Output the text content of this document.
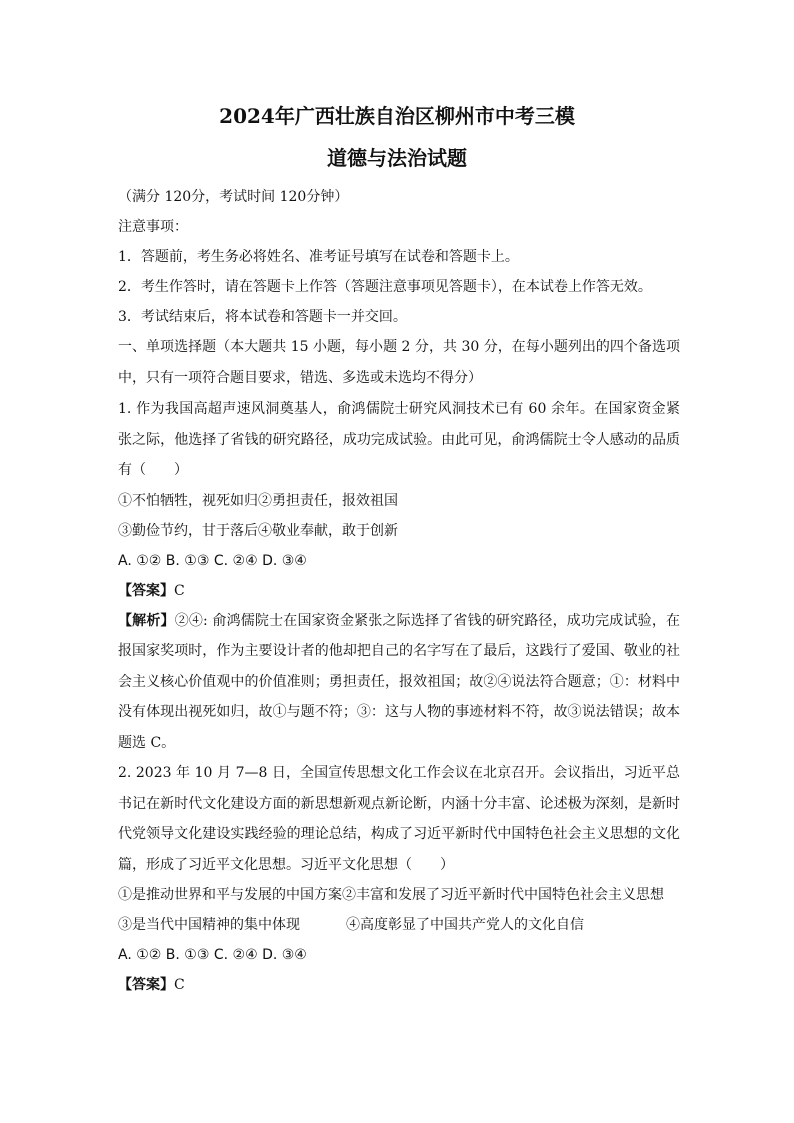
2024年广西壮族自治区柳州市中考三模
道德与法治试题

（满分 120分，考试时间 120分钟）

注意事项：

1．答题前，考生务必将姓名、准考证号填写在试卷和答题卡上。

2．考生作答时，请在答题卡上作答（答题注意事项见答题卡），在本试卷上作答无效。

3．考试结束后，将本试卷和答题卡一并交回。

一、单项选择题（本大题共 15 小题，每小题 2 分，共 30 分，在每小题列出的四个备选项中，只有一项符合题目要求，错选、多选或未选均不得分）

1. 作为我国高超声速风洞奠基人，俞鸿儒院士研究风洞技术已有 60 余年。在国家资金紧张之际，他选择了省钱的研究路径，成功完成试验。由此可见，俞鸿儒院士令人感动的品质有（　　）

①不怕牺牲，视死如归②勇担责任，报效祖国

③勤俭节约，甘于落后④敬业奉献，敢于创新

A. ①② B. ①③ C. ②④ D. ③④

【答案】C

【解析】②④: 俞鸿儒院士在国家资金紧张之际选择了省钱的研究路径，成功完成试验，在报国家奖项时，作为主要设计者的他却把自己的名字写在了最后，这践行了爱国、敬业的社会主义核心价值观中的价值准则；勇担责任，报效祖国；故②④说法符合题意；①：材料中没有体现出视死如归，故①与题不符；③：这与人物的事迹材料不符，故③说法错误；故本题选 C。

2. 2023 年 10 月 7—8 日，全国宣传思想文化工作会议在北京召开。会议指出，习近平总书记在新时代文化建设方面的新思想新观点新论断，内涵十分丰富、论述极为深刻，是新时代党领导文化建设实践经验的理论总结，构成了习近平新时代中国特色社会主义思想的文化篇，形成了习近平文化思想。习近平文化思想（　　）

①是推动世界和平与发展的中国方案②丰富和发展了习近平新时代中国特色社会主义思想

③是当代中国精神的集中体现	④高度彰显了中国共产党人的文化自信

A. ①② B. ①③ C. ②④ D. ③④

【答案】C
